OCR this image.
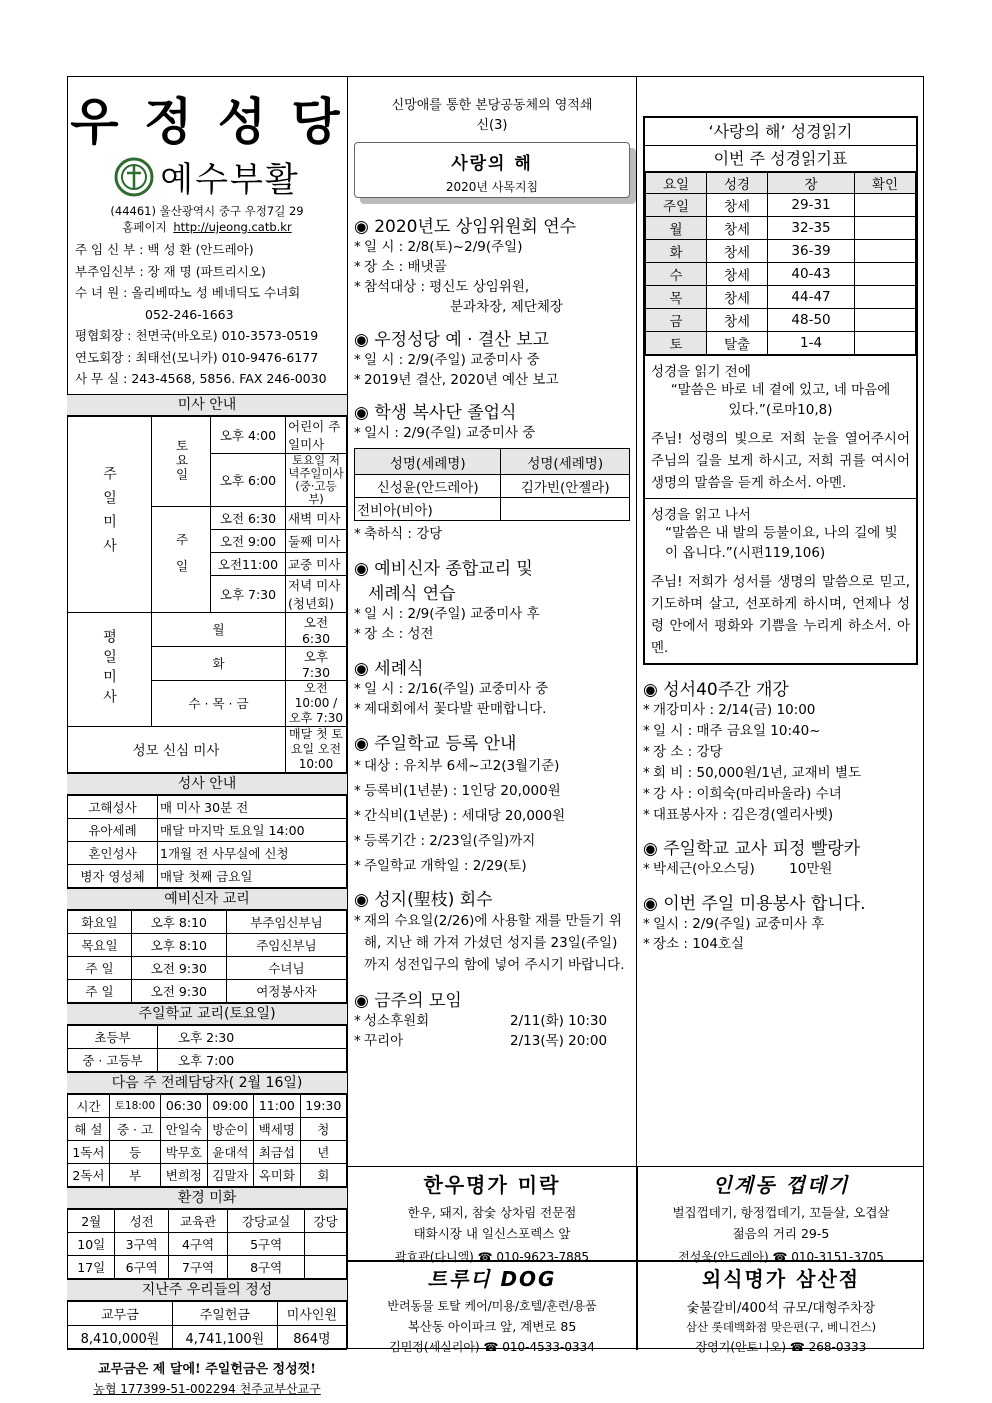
우 정 성 당
예수부활
(44461) 울산광역시 중구 우정7길 29
홈페이지 http://ujeong.catb.kr
주 임 신 부 : 백 성 환 (안드레아)
부주임신부 : 장 재 명 (파트리시오)
수 녀 원 : 올리베따노 성 베네딕도 수녀회
052-246-1663
평협회장 : 천면국(바오로) 010-3573-0519
연도회장 : 최태선(모니카) 010-9476-6177
사 무 실 : 243-4568, 5856. FAX 246-0030
미사 안내
주일미사	토요일	오후 4:00	어린이 주일미사
		오후 6:00	토요일 저녁주일미사 (중·고등부)
	주일	오전 6:30	새벽 미사
		오전 9:00	둘째 미사
		오전11:00	교중 미사
		오후 7:30	저녁 미사(청년회)
평일미사	월		오전 6:30
	화		오후 7:30
	수 · 목 · 금		오전 10:00 / 오후 7:30
성모 신심 미사			매달 첫 토요일 오전 10:00
성사 안내
고해성사	매 미사 30분 전
유아세례	매달 마지막 토요일 14:00
혼인성사	1개월 전 사무실에 신청
병자 영성체	매달 첫째 금요일
예비신자 교리
화요일	오후 8:10	부주임신부님
목요일	오후 8:10	주임신부님
주 일	오전 9:30	수녀님
주 일	오전 9:30	여정봉사자
주일학교 교리(토요일)
초등부	오후 2:30
중 · 고등부	오후 7:00
다음 주 전례담당자( 2월 16일)
시간	토18:00	06:30	09:00	11:00	19:30
해 설	중 · 고	안일숙	방순이	백세명	청
1독서	등	박무호	윤대석	최금섭	년
2독서	부	변희정	김말자	옥미화	회
환경 미화
2월	성전	교육관	강당교실	강당
10일	3구역	4구역	5구역	
17일	6구역	7구역	8구역	
지난주 우리들의 정성
교무금	주일헌금	미사인원
8,410,000원	4,741,100원	864명
교무금은 제 달에! 주일헌금은 정성껏!
농협 177399-51-002294 천주교부산교구
신망애를 통한 본당공동체의 영적쇄신(3)
사랑의 해
2020년 사목지침
◉ 2020년도 상임위원회 연수
* 일 시 : 2/8(토)~2/9(주일)
* 장 소 : 배냇골
* 참석대상 : 평신도 상임위원,
분과차장, 제단체장
◉ 우정성당 예 · 결산 보고
* 일 시 : 2/9(주일) 교중미사 중
* 2019년 결산, 2020년 예산 보고
◉ 학생 복사단 졸업식
* 일시 : 2/9(주일) 교중미사 중
성명(세례명)	성명(세례명)
신성윤(안드레아)	김가빈(안젤라)
전비아(비아)	
* 축하식 : 강당
◉ 예비신자 종합교리 및
세례식 연습
* 일 시 : 2/9(주일) 교중미사 후
* 장 소 : 성전
◉ 세례식
* 일 시 : 2/16(주일) 교중미사 중
* 제대회에서 꽃다발 판매합니다.
◉ 주일학교 등록 안내
* 대상 : 유치부 6세~고2(3월기준)
* 등록비(1년분) : 1인당 20,000원
* 간식비(1년분) : 세대당 20,000원
* 등록기간 : 2/23일(주일)까지
* 주일학교 개학일 : 2/29(토)
◉ 성지(聖枝) 회수
* 재의 수요일(2/26)에 사용할 재를 만들기 위해, 지난 해 가져 가셨던 성지를 23일(주일)까지 성전입구의 함에 넣어 주시기 바랍니다.
◉ 금주의 모임
* 성소후원회	2/11(화) 10:30
* 꾸리아	2/13(목) 20:00
‘사랑의 해’ 성경읽기
이번 주 성경읽기표
요일	성경	장	확인
주일	창세	29-31	
월	창세	32-35	
화	창세	36-39	
수	창세	40-43	
목	창세	44-47	
금	창세	48-50	
토	탈출	1-4	
성경을 읽기 전에
“말씀은 바로 네 곁에 있고, 네 마음에 있다.”(로마10,8)
주님! 성령의 빛으로 저희 눈을 열어주시어 주님의 길을 보게 하시고, 저희 귀를 여시어 생명의 말씀을 듣게 하소서. 아멘.
성경을 읽고 나서
“말씀은 내 발의 등불이요, 나의 길에 빛이 옵니다.”(시편119,106)
주님! 저희가 성서를 생명의 말씀으로 믿고, 기도하며 살고, 선포하게 하시며, 언제나 성령 안에서 평화와 기쁨을 누리게 하소서. 아멘.
◉ 성서40주간 개강
* 개강미사 : 2/14(금) 10:00
* 일 시 : 매주 금요일 10:40~
* 장 소 : 강당
* 회 비 : 50,000원/1년, 교재비 별도
* 강 사 : 이희숙(마리바울라) 수녀
* 대표봉사자 : 김은경(엘리사벳)
◉ 주일학교 교사 피정 빨랑카
* 박세근(아오스딩)        10만원
◉ 이번 주일 미용봉사 합니다.
* 일시 : 2/9(주일) 교중미사 후
* 장소 : 104호실
한우명가 미락
한우, 돼지, 참숯 상차림 전문점
태화시장 내 일신스포렉스 앞
곽효관(다니엘) ☎ 010-9623-7885
인계동 껍데기
벌집껍데기, 항정껍데기, 꼬들살, 오겹살
젊음의 거리 29-5
전성욱(안드레아) ☎ 010-3151-3705
트루디 DOG
반려동물 토탈 케어/미용/호텔/훈련/용품
복산동 아이파크 앞, 계변로 85
김민정(세실리아) ☎ 010-4533-0334
외식명가 삼산점
숯불갈비/400석 규모/대형주차장
삼산 롯데백화점 맞은편(구, 베니건스)
장영기(안토니오) ☎ 268-0333
